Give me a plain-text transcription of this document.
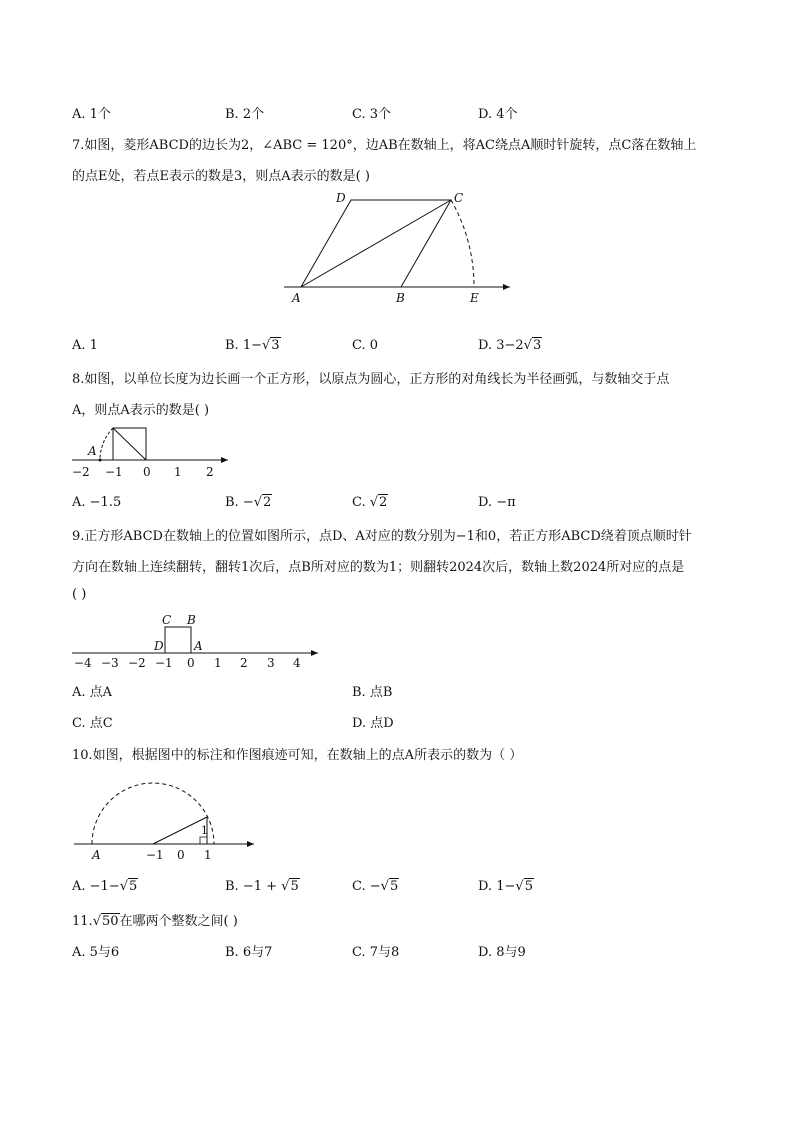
A. 1个	B. 2个	C. 3个	D. 4个
7.如图，菱形ABCD的边长为2，∠ABC = 120°，边AB在数轴上，将AC绕点A顺时针旋转，点C落在数轴上
的点E处，若点E表示的数是3，则点A表示的数是( )
A	B
C
D
E
A. 1	B. 1−√3	C. 0	D. 3−2√3
8.如图，以单位长度为边长画一个正方形，以原点为圆心，正方形的对角线长为半径画弧，与数轴交于点
A，则点A表示的数是( )
A
−2 −1 0 1 2
A. −1.5	B. −√2	C. √2	D. −π
9.正方形ABCD在数轴上的位置如图所示，点D、A对应的数分别为−1和0，若正方形ABCD绕着顶点顺时针
方向在数轴上连续翻转，翻转1次后，点B所对应的数为1；则翻转2024次后，数轴上数2024所对应的点是
( )
C B
D	A
−4 −3 −2 −1 0 1 2 3 4
A. 点A	B. 点B
C. 点C	D. 点D
10.如图，根据图中的标注和作图痕迹可知，在数轴上的点A所表示的数为（ ）
A	−1 0 1
1
A. −1−√5	B. −1 + √5	C. −√5	D. 1−√5
11.√50在哪两个整数之间( )
A. 5与6	B. 6与7	C. 7与8	D. 8与9
